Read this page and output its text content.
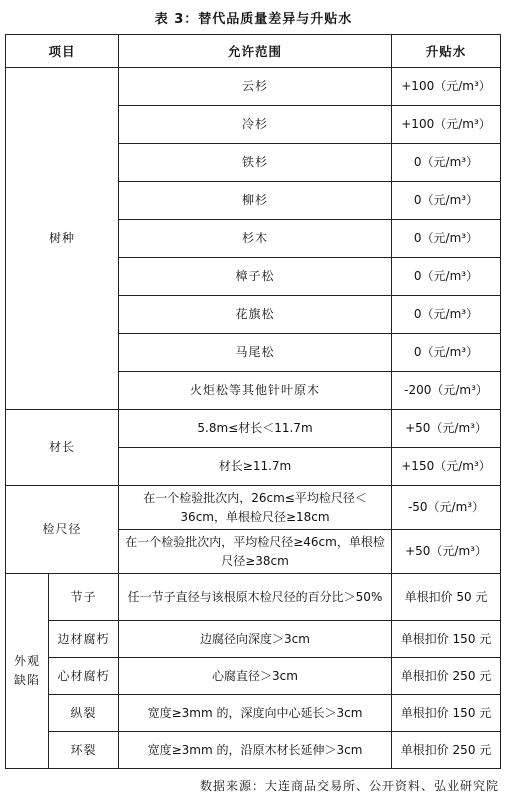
表 3：替代品质量差异与升贴水
项目		允许范围	升贴水
树种		云杉	+100（元/m³）
		冷杉	+100（元/m³）
		铁杉	0（元/m³）
		柳杉	0（元/m³）
		杉木	0（元/m³）
		樟子松	0（元/m³）
		花旗松	0（元/m³）
		马尾松	0（元/m³）
		火炬松等其他针叶原木	-200（元/m³）
材长		5.8m≤材长＜11.7m	+50（元/m³）
		材长≥11.7m	+150（元/m³）
检尺径		在一个检验批次内，26cm≤平均检尺径＜36cm，单根检尺径≥18cm	-50（元/m³）
		在一个检验批次内，平均检尺径≥46cm，单根检尺径≥38cm	+50（元/m³）
外观缺陷	节子	任一节子直径与该根原木检尺径的百分比＞50%	单根扣价 50 元
	边材腐朽	边腐径向深度＞3cm	单根扣价 150 元
	心材腐朽	心腐直径＞3cm	单根扣价 250 元
	纵裂	宽度≥3mm 的，深度向中心延长＞3cm	单根扣价 150 元
	环裂	宽度≥3mm 的，沿原木材长延伸＞3cm	单根扣价 250 元
数据来源：大连商品交易所、公开资料、弘业研究院
